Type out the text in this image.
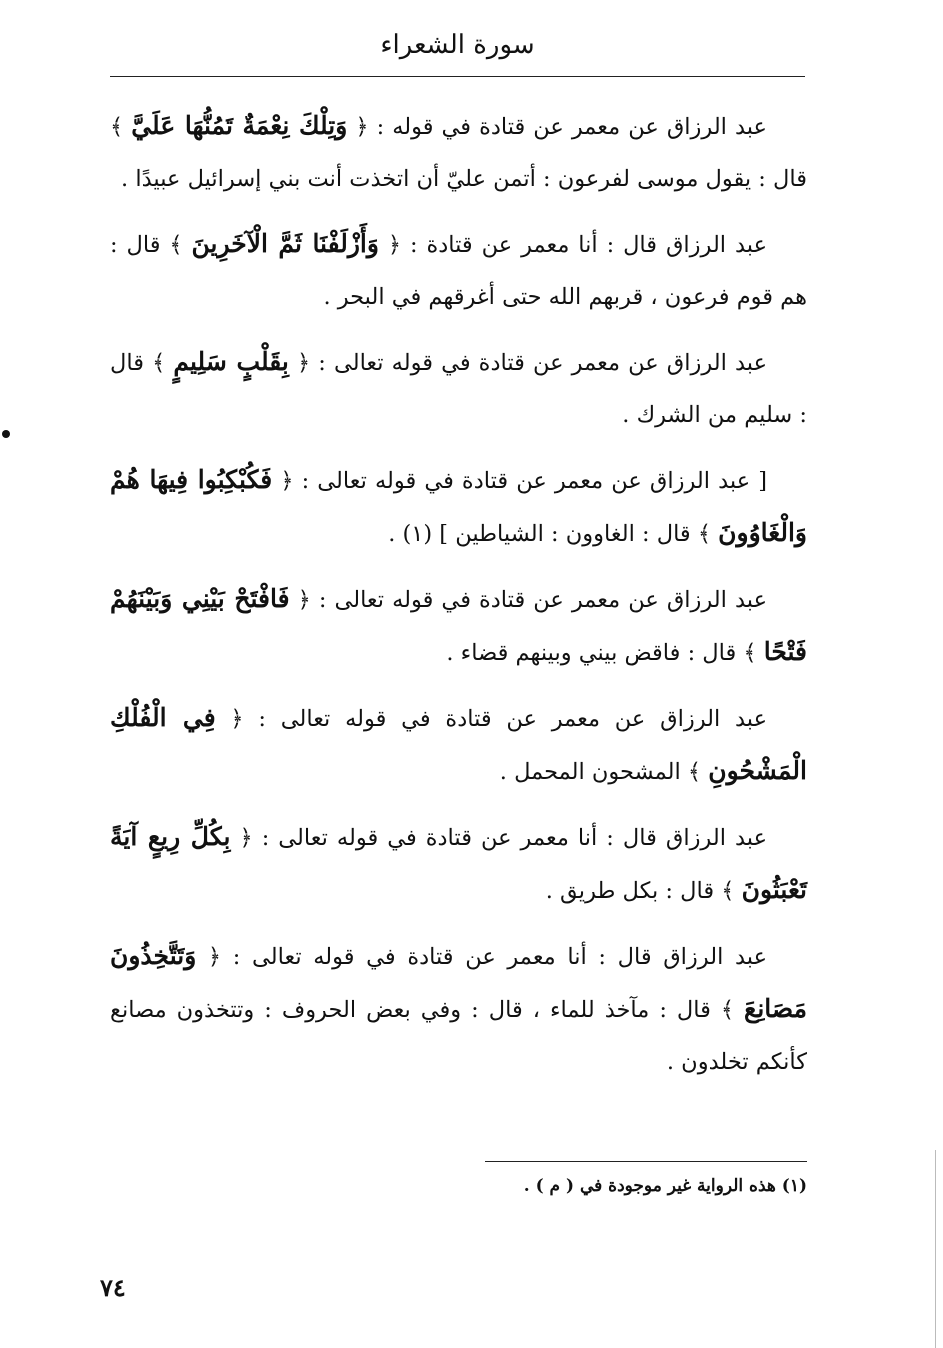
سورة الشعراء

عبد الرزاق عن معمر عن قتادة في قوله : ﴿ وَتِلْكَ نِعْمَةٌ تَمُنُّهَا عَلَيَّ ﴾ قال : يقول موسى لفرعون : أتمن عليّ أن اتخذت أنت بني إسرائيل عبيدًا .

عبد الرزاق قال : أنا معمر عن قتادة : ﴿ وَأَزْلَفْنَا ثَمَّ الْآخَرِينَ ﴾ قال : هم قوم فرعون ، قربهم الله حتى أغرقهم في البحر .

عبد الرزاق عن معمر عن قتادة في قوله تعالى : ﴿ بِقَلْبٍ سَلِيمٍ ﴾ قال : سليم من الشرك .

[ عبد الرزاق عن معمر عن قتادة في قوله تعالى : ﴿ فَكُبْكِبُوا فِيهَا هُمْ وَالْغَاوُونَ ﴾ قال : الغاوون : الشياطين ] (١) .

عبد الرزاق عن معمر عن قتادة في قوله تعالى : ﴿ فَافْتَحْ بَيْنِي وَبَيْنَهُمْ فَتْحًا ﴾ قال : فاقض بيني وبينهم قضاء .

عبد الرزاق عن معمر عن قتادة في قوله تعالى : ﴿ فِي الْفُلْكِ الْمَشْحُونِ ﴾ المشحون المحمل .

عبد الرزاق قال : أنا معمر عن قتادة في قوله تعالى : ﴿ بِكُلِّ رِيعٍ آيَةً تَعْبَثُونَ ﴾ قال : بكل طريق .

عبد الرزاق قال : أنا معمر عن قتادة في قوله تعالى : ﴿ وَتَتَّخِذُونَ مَصَانِعَ ﴾ قال : مآخذ للماء ، قال : وفي بعض الحروف : وتتخذون مصانع كأنكم تخلدون .

(١) هذه الرواية غير موجودة في ( م ) .
٧٤
